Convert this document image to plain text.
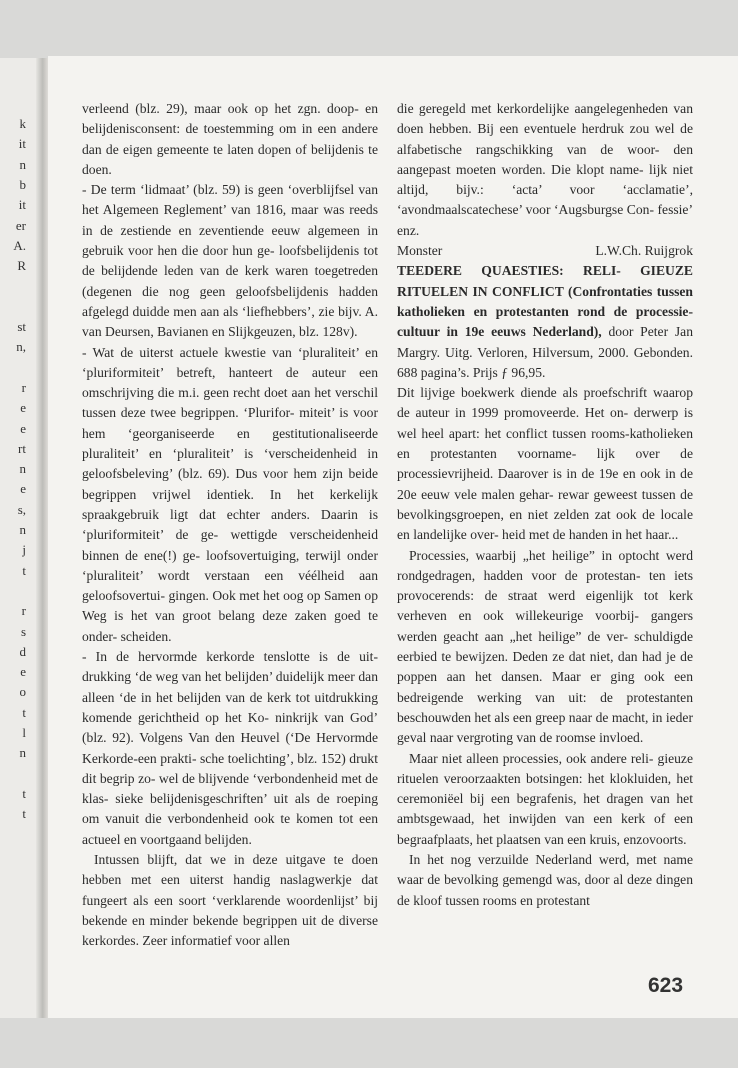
k
it
n
b
it
er
A.
R
st
n,
r
e
e
rt
n
e
s,
n
j
t
r
s
d
e
o
t
l
n
t
t

verleend (blz. 29), maar ook op het zgn. doop- en belijdenisconsent: de toestemming om in een andere dan de eigen gemeente te laten dopen of belijdenis te doen.

- De term ‘lidmaat’ (blz. 59) is geen ‘overblijfsel van het Algemeen Reglement’ van 1816, maar was reeds in de zestiende en zeventiende eeuw algemeen in gebruik voor hen die door hun ge- loofsbelijdenis tot de belijdende leden van de kerk waren toegetreden (degenen die nog geen geloofsbelijdenis hadden afgelegd duidde men aan als ‘liefhebbers’, zie bijv. A. van Deursen, Bavianen en Slijkgeuzen, blz. 128v).

- Wat de uiterst actuele kwestie van ‘pluraliteit’ en ‘pluriformiteit’ betreft, hanteert de auteur een omschrijving die m.i. geen recht doet aan het verschil tussen deze twee begrippen. ‘Plurifor- miteit’ is voor hem ‘georganiseerde en gestitutionaliseerde pluraliteit’ en ‘pluraliteit’ is ‘verscheidenheid in geloofsbeleving’ (blz. 69). Dus voor hem zijn beide begrippen vrijwel identiek. In het kerkelijk spraakgebruik ligt dat echter anders. Daarin is ‘pluriformiteit’ de ge- wettigde verscheidenheid binnen de ene(!) ge- loofsovertuiging, terwijl onder ‘pluraliteit’ wordt verstaan een véélheid aan geloofsovertui- gingen. Ook met het oog op Samen op Weg is het van groot belang deze zaken goed te onder- scheiden.

- In de hervormde kerkorde tenslotte is de uit- drukking ‘de weg van het belijden’ duidelijk meer dan alleen ‘de in het belijden van de kerk tot uitdrukking komende gerichtheid op het Ko- ninkrijk van God’ (blz. 92). Volgens Van den Heuvel (‘De Hervormde Kerkorde-een prakti- sche toelichting’, blz. 152) drukt dit begrip zo- wel de blijvende ‘verbondenheid met de klas- sieke belijdenisgeschriften’ uit als de roeping om vanuit die verbondenheid ook te komen tot een actueel en voortgaand belijden.

Intussen blijft, dat we in deze uitgave te doen hebben met een uiterst handig naslagwerkje dat fungeert als een soort ‘verklarende woordenlijst’ bij bekende en minder bekende begrippen uit de diverse kerkordes. Zeer informatief voor allen

die geregeld met kerkordelijke aangelegenheden van doen hebben. Bij een eventuele herdruk zou wel de alfabetische rangschikking van de woor- den aangepast moeten worden. Die klopt name- lijk niet altijd, bijv.: ‘acta’ voor ‘acclamatie’, ‘avondmaalscatechese’ voor ‘Augsburgse Con- fessie’ enz.

Monster	L.W.Ch. Ruijgrok

TEEDERE QUAESTIES: RELI- GIEUZE RITUELEN IN CONFLICT (Confrontaties tussen katholieken en protestanten rond de processie-cultuur in 19e eeuws Nederland), door Peter Jan Margry. Uitg. Verloren, Hilversum, 2000. Gebonden. 688 pagina’s. Prijs ƒ 96,95.

Dit lijvige boekwerk diende als proefschrift waarop de auteur in 1999 promoveerde. Het on- derwerp is wel heel apart: het conflict tussen rooms-katholieken en protestanten voorname- lijk over de processievrijheid. Daarover is in de 19e en ook in de 20e eeuw vele malen gehar- rewar geweest tussen de bevolkingsgroepen, en niet zelden zat ook de locale en landelijke over- heid met de handen in het haar...

Processies, waarbij „het heilige” in optocht werd rondgedragen, hadden voor de protestan- ten iets provocerends: de straat werd eigenlijk tot kerk verheven en ook willekeurige voorbij- gangers werden geacht aan „het heilige” de ver- schuldigde eerbied te bewijzen. Deden ze dat niet, dan had je de poppen aan het dansen. Maar er ging ook een bedreigende werking van uit: de protestanten beschouwden het als een greep naar de macht, in ieder geval naar vergroting van de roomse invloed.

Maar niet alleen processies, ook andere reli- gieuze rituelen veroorzaakten botsingen: het klokluiden, het ceremoniëel bij een begrafenis, het dragen van het ambtsgewaad, het inwijden van een kerk of een begraafplaats, het plaatsen van een kruis, enzovoorts.

In het nog verzuilde Nederland werd, met name waar de bevolking gemengd was, door al deze dingen de kloof tussen rooms en protestant

623
